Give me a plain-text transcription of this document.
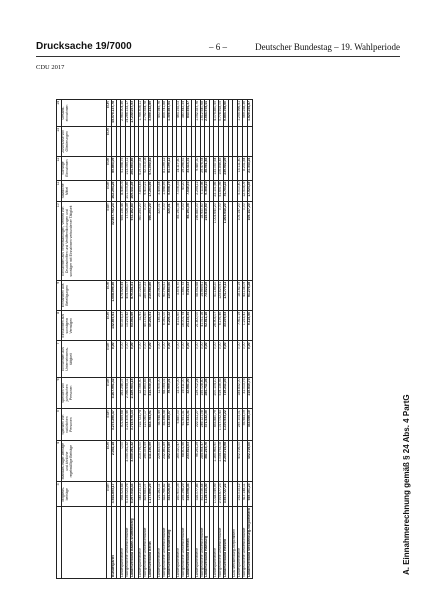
Drucksache 19/7000	– 6 –	Deutscher Bundestag – 19. Wahlperiode
CDU 2017
	3	4	5	6	7	8	9	10	11	12	13	14
	Mitglieds-beiträge	Mandats-träger-beiträge und ähnliche regelmäßige Beiträge	Spenden von natürlichen Personen	Spenden von juristischen Personen	Einnahmen aus Unternehmens-tätigkeit	Einnahmen aus sonstigem Vermögen	Einnahmen aus Beteiligungen	Einnahmen aus Veranstaltungen, Vertrieb von Druckschriften und Veröffentlichungen und sonstiger mit Einnahmen verbundener Tätigkeit	Staatliche Mittel	Sonstige Einnahmen	Zuschüsse von Gliederungen	Gesamt-einnahmen
	EUR	EUR	EUR	EUR	EUR	EUR	EUR	EUR	EUR	EUR	EUR	EUR
Bundespartei	4.924.853,17	2.032,18	3.273.290,47	3.207.991,42	0,00	132.857,61	1.008.599,36	32.657.752,23	202.294,26	85.863,09		45.575.137,78

Landesparteiebene	958.524,68	0,00	501.669,68	263.246,07	0,00	50.373,27	474.926,44	655.136,44	8.436,03	51.598,75		2.963.904,36
nachgeordnete Gebietsverbände	5.139.023,76	3.055.061,32	3.214.306,46	2.066.658,11	0,00	13.219,42	404.555,07	17.026,39	201.005,46	213.065,11		14.266.133,17
Landesverband Baden-Württemberg	6.097.548,44	3.055.061,32	3.715.976,14	2.329.904,18	0,00	63.592,69	879.481,51	672.162,83	209.441,49	264.663,86		17.230.037,53

Landesparteiebene	348.213,18	215.776,00	722.723,74	12.066,50	0,00	31,91	30.028,63	560.253,20	7.854,45	619.037,54		1.766.608,11
nachgeordnete Gebietsverbände	829.683,07	195.374,59	121.060,17	402.863,83	0,00	45.172,60	185.957,23	0,00	9.410,21	52.013,08		1.792.534,78
Landesverband Berlin	1.177.896,25	411.150,59	843.783,91	414.930,33	0,00	45.204,51	215.985,86	560.253,20	17.264,66	671.050,62		3.559.142,89

Landesparteiebene	121.262,11	229.815,00	58.948,49	11.905,00	0,00	145,22	25.090,09	320,01	3.459,84			450.945,76
nachgeordnete Gebietsverbände	322.766,82	232.861,89	83.396,58	68.064,01	0,00	6.061,00	90.793,51	0,00	1.598,95	81.199,12		855.741,88
Landesverband Brandenburg	444.028,93	462.676,89	142.345,07	79.969,01	0,00	6.206,22	115.883,60	320,01	5.058,79	81.199,12		1.306.687,64

Landesparteiebene	160.900,05	165.020,47	5.880,00	13.370,00	0,00	8.131,60	3.574,70	85.191,08	7.006,33	14.117,80		463.192,03
nachgeordnete Gebietsverbände	255.198,29	68.601,56	61.551,31	19.311,00	0,00	16.001,74	1.441,73	0,00	40,20	19.296,51		380.442,34
Landesverband Bremen	416.098,34	233.622,03	67.431,31	32.681,00	0,00	24.133,34	5.016,43	85.191,08	7.046,53	33.414,31		843.634,37

Landesparteiebene	316.077,86	96.261,29	222.311,27	129.712,24	0,00	21.800,00	58.552,68	196.880,00	2.254,12	9.487,30		1.052.337,76
nachgeordnete Gebietsverbände	812.036,44	284.954,47	249.121,08	155.028,80	0,00	41.011,16	14.969,61	18.930,60	7.113,98	29.474,54		1.612.640,68
Landesverband Hamburg	1.128.114,30	381.215,76	471.432,35	284.741,04	0,00	62.811,16	73.522,29	215.810,60	9.368,10	38.961,84		2.664.978,44

Landesparteiebene	1.018.049,99	1.165.963,90	453.880,79	200.104,10	0,00	26.903,07	51.149,20	1.003.640,20	23.101,66	133.057,64		4.075.850,55
nachgeordnete Gebietsverbände	2.919.677,23	1.034.753,08	1.017.052,43	519.136,93	0,00	6.176,46	123.625,91	0,00	51.651,56	106.844,45		5.778.918,05
Landesverband Hessen	3.937.727,22	2.200.716,98	1.470.933,22	719.241,03	0,00	33.079,53	174.775,11	1.003.640,20	74.753,22	239.902,09		9.854.768,60

CDU Mecklenburg-Vorpommern												
Landesparteiebene	232.013,12	402.726,00	287.103,01	184.832,00	0,00	7.911,19	18.142,19	105.147,20	5.010,40	13.111,40		1.255.996,51
nachgeordnete Gebietsverbände	417.148,11		55.983,09	31.013,73	0,00	1.213,41	43.134,09	0,00	12.514,09	8.231,84		569.238,36
Landesverband Mecklenburg-Vorpommern	649.161,23	402.726,00	343.086,10	215.845,73	0,00	9.124,60	61.276,28	105.147,20	17.524,49	21.343,24		1.825.234,87
A. Einnahmerechnung gemäß § 24 Abs. 4 PartG
